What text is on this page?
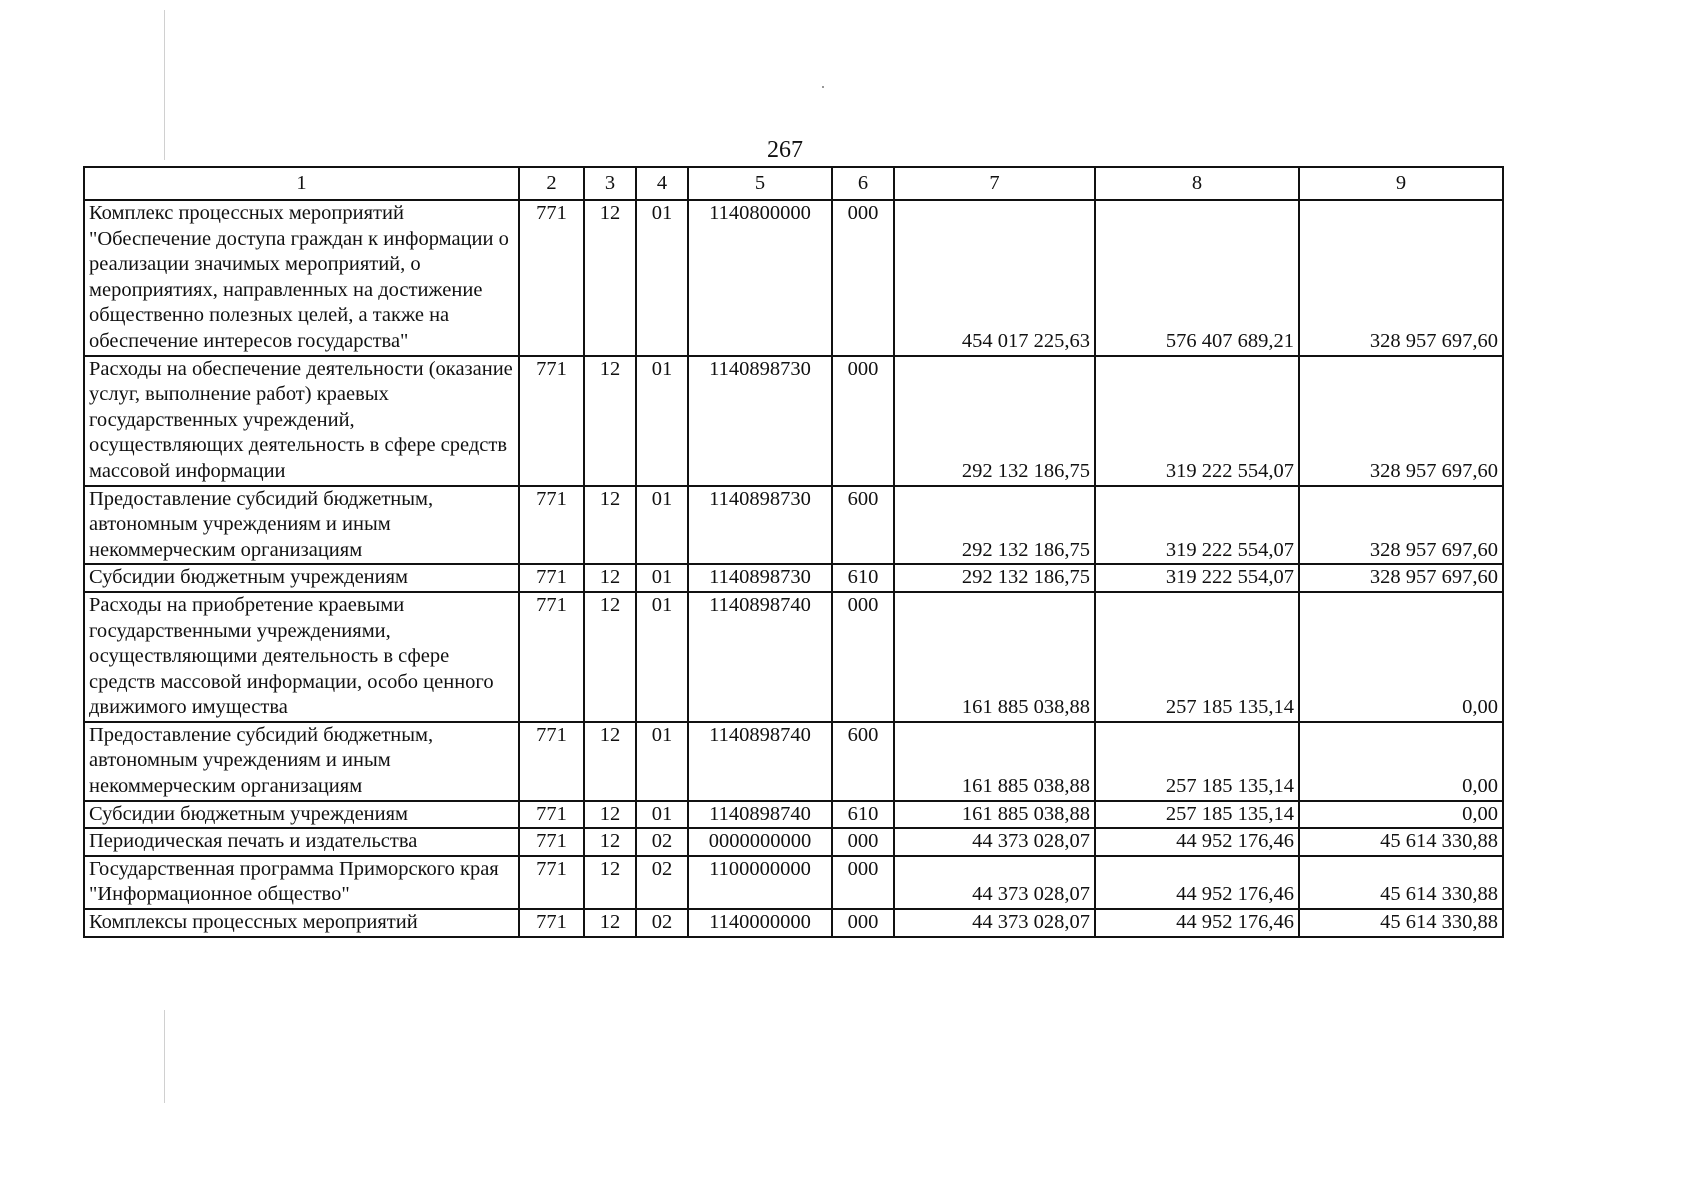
267
1	2	3	4	5	6	7	8	9
Комплекс процессных мероприятий "Обеспечение доступа граждан к информации о реализации значимых мероприятий, о мероприятиях, направленных на достижение общественно полезных целей, а также на обеспечение интересов государства"	771	12	01	1140800000	000	454 017 225,63	576 407 689,21	328 957 697,60
Расходы на обеспечение деятельности (оказание услуг, выполнение работ) краевых государственных учреждений, осуществляющих деятельность в сфере средств массовой информации	771	12	01	1140898730	000	292 132 186,75	319 222 554,07	328 957 697,60
Предоставление субсидий бюджетным, автономным учреждениям и иным некоммерческим организациям	771	12	01	1140898730	600	292 132 186,75	319 222 554,07	328 957 697,60
Субсидии бюджетным учреждениям	771	12	01	1140898730	610	292 132 186,75	319 222 554,07	328 957 697,60
Расходы на приобретение краевыми государственными учреждениями, осуществляющими деятельность в сфере средств массовой информации, особо ценного движимого имущества	771	12	01	1140898740	000	161 885 038,88	257 185 135,14	0,00
Предоставление субсидий бюджетным, автономным учреждениям и иным некоммерческим организациям	771	12	01	1140898740	600	161 885 038,88	257 185 135,14	0,00
Субсидии бюджетным учреждениям	771	12	01	1140898740	610	161 885 038,88	257 185 135,14	0,00
Периодическая печать и издательства	771	12	02	0000000000	000	44 373 028,07	44 952 176,46	45 614 330,88
Государственная программа Приморского края "Информационное общество"	771	12	02	1100000000	000	44 373 028,07	44 952 176,46	45 614 330,88
Комплексы процессных мероприятий	771	12	02	1140000000	000	44 373 028,07	44 952 176,46	45 614 330,88
